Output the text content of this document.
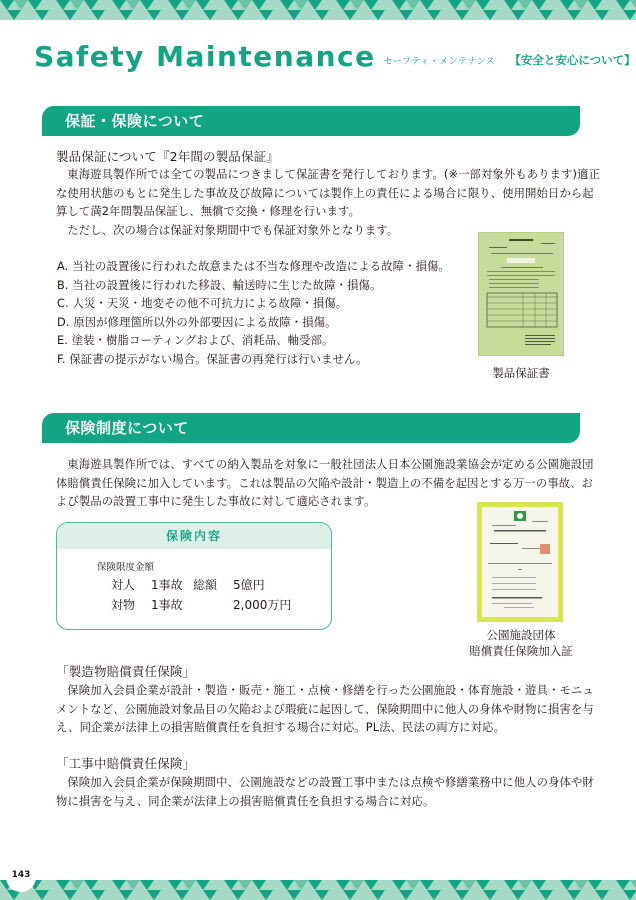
Safety Maintenance セーフティ・メンテナンス 【安全と安心について】
保証・保険について
製品保証について『2年間の製品保証』
東海遊具製作所では全ての製品につきまして保証書を発行しております。(※一部対象外もあります)適正な使用状態のもとに発生した事故及び故障については製作上の責任による場合に限り、使用開始日から起算して満2年間製品保証し、無償で交換・修理を行います。
ただし、次の場合は保証対象期間中でも保証対象外となります。
A. 当社の設置後に行われた故意または不当な修理や改造による故障・損傷。
B. 当社の設置後に行われた移設、輸送時に生じた故障・損傷。
C. 人災・天災・地変その他不可抗力による故障・損傷。
D. 原因が修理箇所以外の外部要因による故障・損傷。
E. 塗装・樹脂コーティングおよび、消耗品、軸受部。
F. 保証書の提示がない場合。保証書の再発行は行いません。
製品保証書
保険制度について
東海遊具製作所では、すべての納入製品を対象に一般社団法人日本公園施設業協会が定める公園施設団体賠償責任保険に加入しています。これは製品の欠陥や設計・製造上の不備を起因とする万一の事故、および製品の設置工事中に発生した事故に対して適応されます。
保険内容
保険限度金額
対人	1事故 総額	5億円
対物	1事故	2,000万円
公園施設団体
賠償責任保険加入証
「製造物賠償責任保険」
保険加入会員企業が設計・製造・販売・施工・点検・修繕を行った公園施設・体育施設・遊具・モニュメントなど、公園施設対象品目の欠陥および瑕疵に起因して、保険期間中に他人の身体や財物に損害を与え、同企業が法律上の損害賠償責任を負担する場合に対応。PL法、民法の両方に対応。
「工事中賠償責任保険」
保険加入会員企業が保険期間中、公園施設などの設置工事中または点検や修繕業務中に他人の身体や財物に損害を与え、同企業が法律上の損害賠償責任を負担する場合に対応。
143
